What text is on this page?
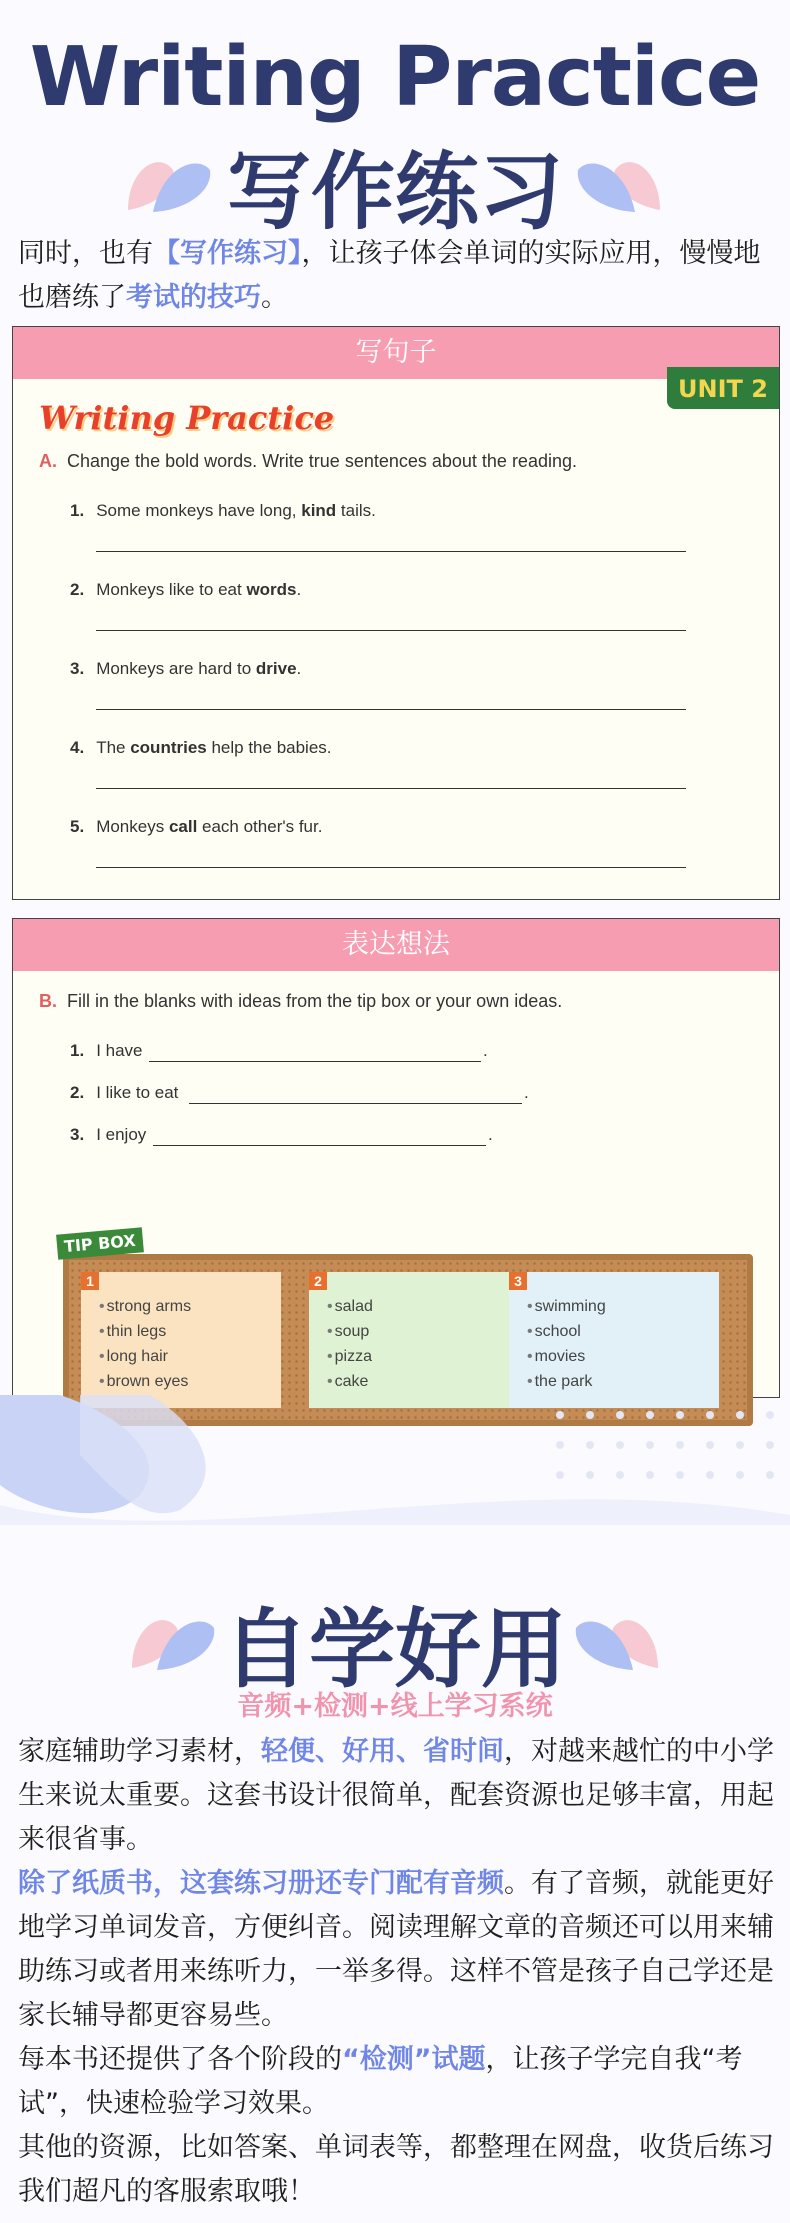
Writing Practice
写作练习
同时，也有【写作练习】，让孩子体会单词的实际应用，慢慢地也磨练了考试的技巧。
写句子
UNIT 2
Writing Practice
A. Change the bold words. Write true sentences about the reading.
1. Some monkeys have long, kind tails.
2. Monkeys like to eat words.
3. Monkeys are hard to drive.
4. The countries help the babies.
5. Monkeys call each other's fur.
表达想法
B. Fill in the blanks with ideas from the tip box or your own ideas.
1. I have	.
2. I like to eat	.
3. I enjoy	.
1
• strong arms
• thin legs
• long hair
• brown eyes
2
• salad
• soup
• pizza
• cake
3
• swimming
• school
• movies
• the park
TIP BOX
自学好用
音频+检测+线上学习系统

家庭辅助学习素材，轻便、好用、省时间，对越来越忙的中小学生来说太重要。这套书设计很简单，配套资源也足够丰富，用起来很省事。

除了纸质书，这套练习册还专门配有音频。有了音频，就能更好地学习单词发音，方便纠音。阅读理解文章的音频还可以用来辅助练习或者用来练听力，一举多得。这样不管是孩子自己学还是家长辅导都更容易些。

每本书还提供了各个阶段的“检测”试题，让孩子学完自我“考试”，快速检验学习效果。

其他的资源，比如答案、单词表等，都整理在网盘，收货后练习我们超凡的客服索取哦！
